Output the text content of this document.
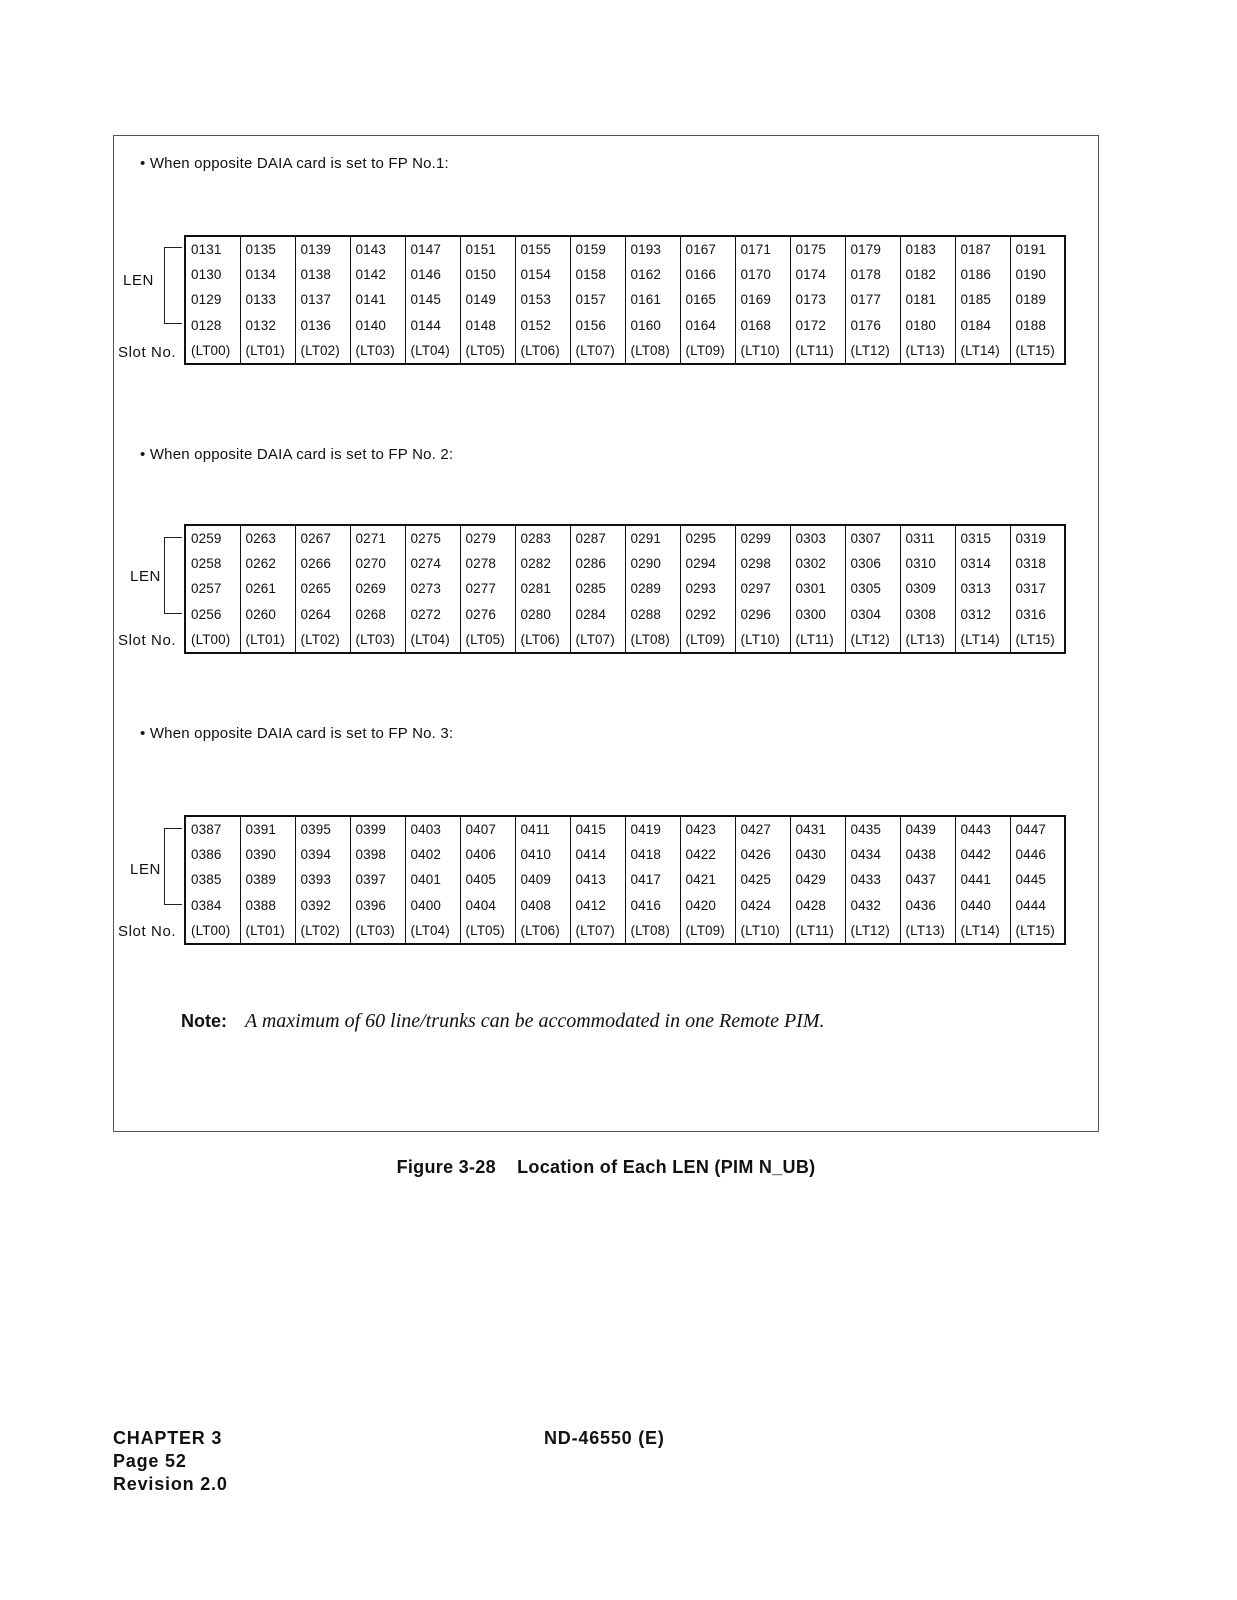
• When opposite DAIA card is set to FP No.1:
LEN
Slot No.
0131	0135	0139	0143	0147	0151	0155	0159	0193	0167	0171	0175	0179	0183	0187	0191
0130	0134	0138	0142	0146	0150	0154	0158	0162	0166	0170	0174	0178	0182	0186	0190
0129	0133	0137	0141	0145	0149	0153	0157	0161	0165	0169	0173	0177	0181	0185	0189
0128	0132	0136	0140	0144	0148	0152	0156	0160	0164	0168	0172	0176	0180	0184	0188
(LT00)	(LT01)	(LT02)	(LT03)	(LT04)	(LT05)	(LT06)	(LT07)	(LT08)	(LT09)	(LT10)	(LT11)	(LT12)	(LT13)	(LT14)	(LT15)
• When opposite DAIA card is set to FP No. 2:
LEN
Slot No.
0259	0263	0267	0271	0275	0279	0283	0287	0291	0295	0299	0303	0307	0311	0315	0319
0258	0262	0266	0270	0274	0278	0282	0286	0290	0294	0298	0302	0306	0310	0314	0318
0257	0261	0265	0269	0273	0277	0281	0285	0289	0293	0297	0301	0305	0309	0313	0317
0256	0260	0264	0268	0272	0276	0280	0284	0288	0292	0296	0300	0304	0308	0312	0316
(LT00)	(LT01)	(LT02)	(LT03)	(LT04)	(LT05)	(LT06)	(LT07)	(LT08)	(LT09)	(LT10)	(LT11)	(LT12)	(LT13)	(LT14)	(LT15)
• When opposite DAIA card is set to FP No. 3:
LEN
Slot No.
0387	0391	0395	0399	0403	0407	0411	0415	0419	0423	0427	0431	0435	0439	0443	0447
0386	0390	0394	0398	0402	0406	0410	0414	0418	0422	0426	0430	0434	0438	0442	0446
0385	0389	0393	0397	0401	0405	0409	0413	0417	0421	0425	0429	0433	0437	0441	0445
0384	0388	0392	0396	0400	0404	0408	0412	0416	0420	0424	0428	0432	0436	0440	0444
(LT00)	(LT01)	(LT02)	(LT03)	(LT04)	(LT05)	(LT06)	(LT07)	(LT08)	(LT09)	(LT10)	(LT11)	(LT12)	(LT13)	(LT14)	(LT15)
Note: A maximum of 60 line/trunks can be accommodated in one Remote PIM.
Figure 3-28    Location of Each LEN (PIM N_UB)
CHAPTER 3
Page 52
Revision 2.0
ND-46550 (E)
